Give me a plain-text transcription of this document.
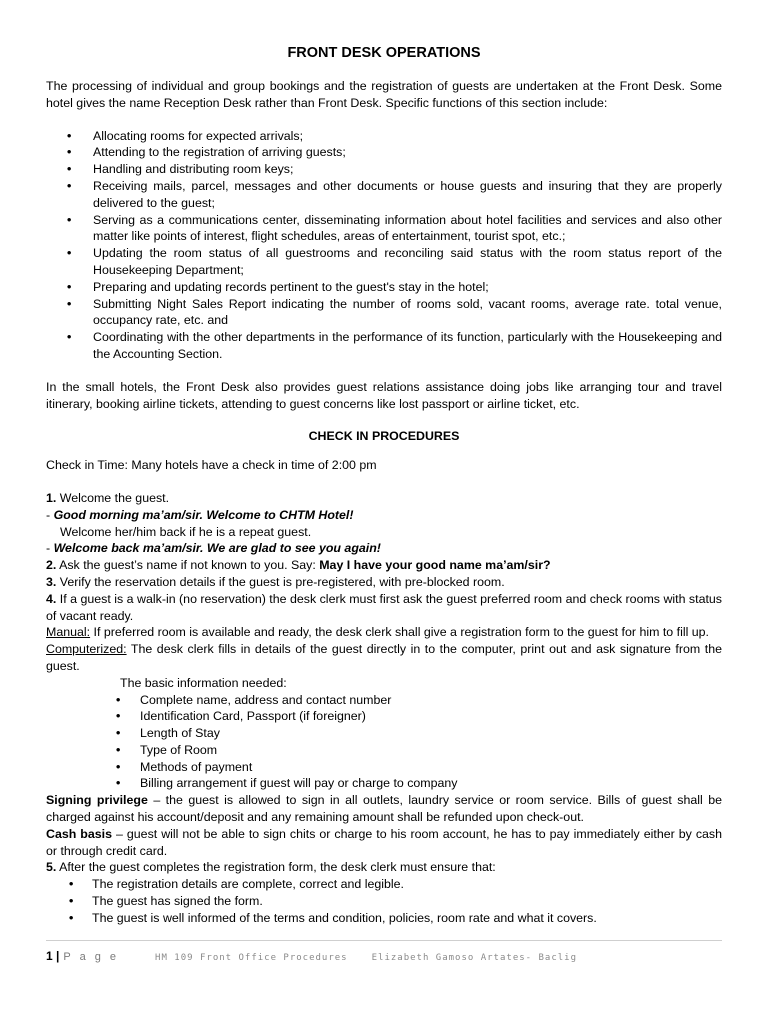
FRONT DESK OPERATIONS

The processing of individual and group bookings and the registration of guests are undertaken at the Front Desk. Some hotel gives the name Reception Desk rather than Front Desk. Specific functions of this section include:

• Allocating rooms for expected arrivals;
• Attending to the registration of arriving guests;
• Handling and distributing room keys;
• Receiving mails, parcel, messages and other documents or house guests and insuring that they are properly delivered to the guest;
• Serving as a communications center, disseminating information about hotel facilities and services and also other matter like points of interest, flight schedules, areas of entertainment, tourist spot, etc.;
• Updating the room status of all guestrooms and reconciling said status with the room status report of the Housekeeping Department;
• Preparing and updating records pertinent to the guest's stay in the hotel;
• Submitting Night Sales Report indicating the number of rooms sold, vacant rooms, average rate. total venue, occupancy rate, etc. and
• Coordinating with the other departments in the performance of its function, particularly with the Housekeeping and the Accounting Section.

In the small hotels, the Front Desk also provides guest relations assistance doing jobs like arranging tour and travel itinerary, booking airline tickets, attending to guest concerns like lost passport or airline ticket, etc.

CHECK IN PROCEDURES

Check in Time: Many hotels have a check in time of 2:00 pm

1. Welcome the guest.

- Good morning ma’am/sir. Welcome to CHTM Hotel!

Welcome her/him back if he is a repeat guest.

- Welcome back ma’am/sir. We are glad to see you again!

2. Ask the guest’s name if not known to you. Say: May I have your good name ma’am/sir?

3. Verify the reservation details if the guest is pre-registered, with pre-blocked room.

4. If a guest is a walk-in (no reservation) the desk clerk must first ask the guest preferred room and check rooms with status of vacant ready.

Manual: If preferred room is available and ready, the desk clerk shall give a registration form to the guest for him to fill up.

Computerized: The desk clerk fills in details of the guest directly in to the computer, print out and ask signature from the guest.

The basic information needed:

• Complete name, address and contact number
• Identification Card, Passport (if foreigner)
• Length of Stay
• Type of Room
• Methods of payment
• Billing arrangement if guest will pay or charge to company

Signing privilege – the guest is allowed to sign in all outlets, laundry service or room service. Bills of guest shall be charged against his account/deposit and any remaining amount shall be refunded upon check-out.

Cash basis – guest will not be able to sign chits or charge to his room account, he has to pay immediately either by cash or through credit card.

5. After the guest completes the registration form, the desk clerk must ensure that:

• The registration details are complete, correct and legible.
• The guest has signed the form.
• The guest is well informed of the terms and condition, policies, room rate and what it covers.
1 | P a g e	HM 109 Front Office Procedures	Elizabeth Gamoso Artates- Baclig
